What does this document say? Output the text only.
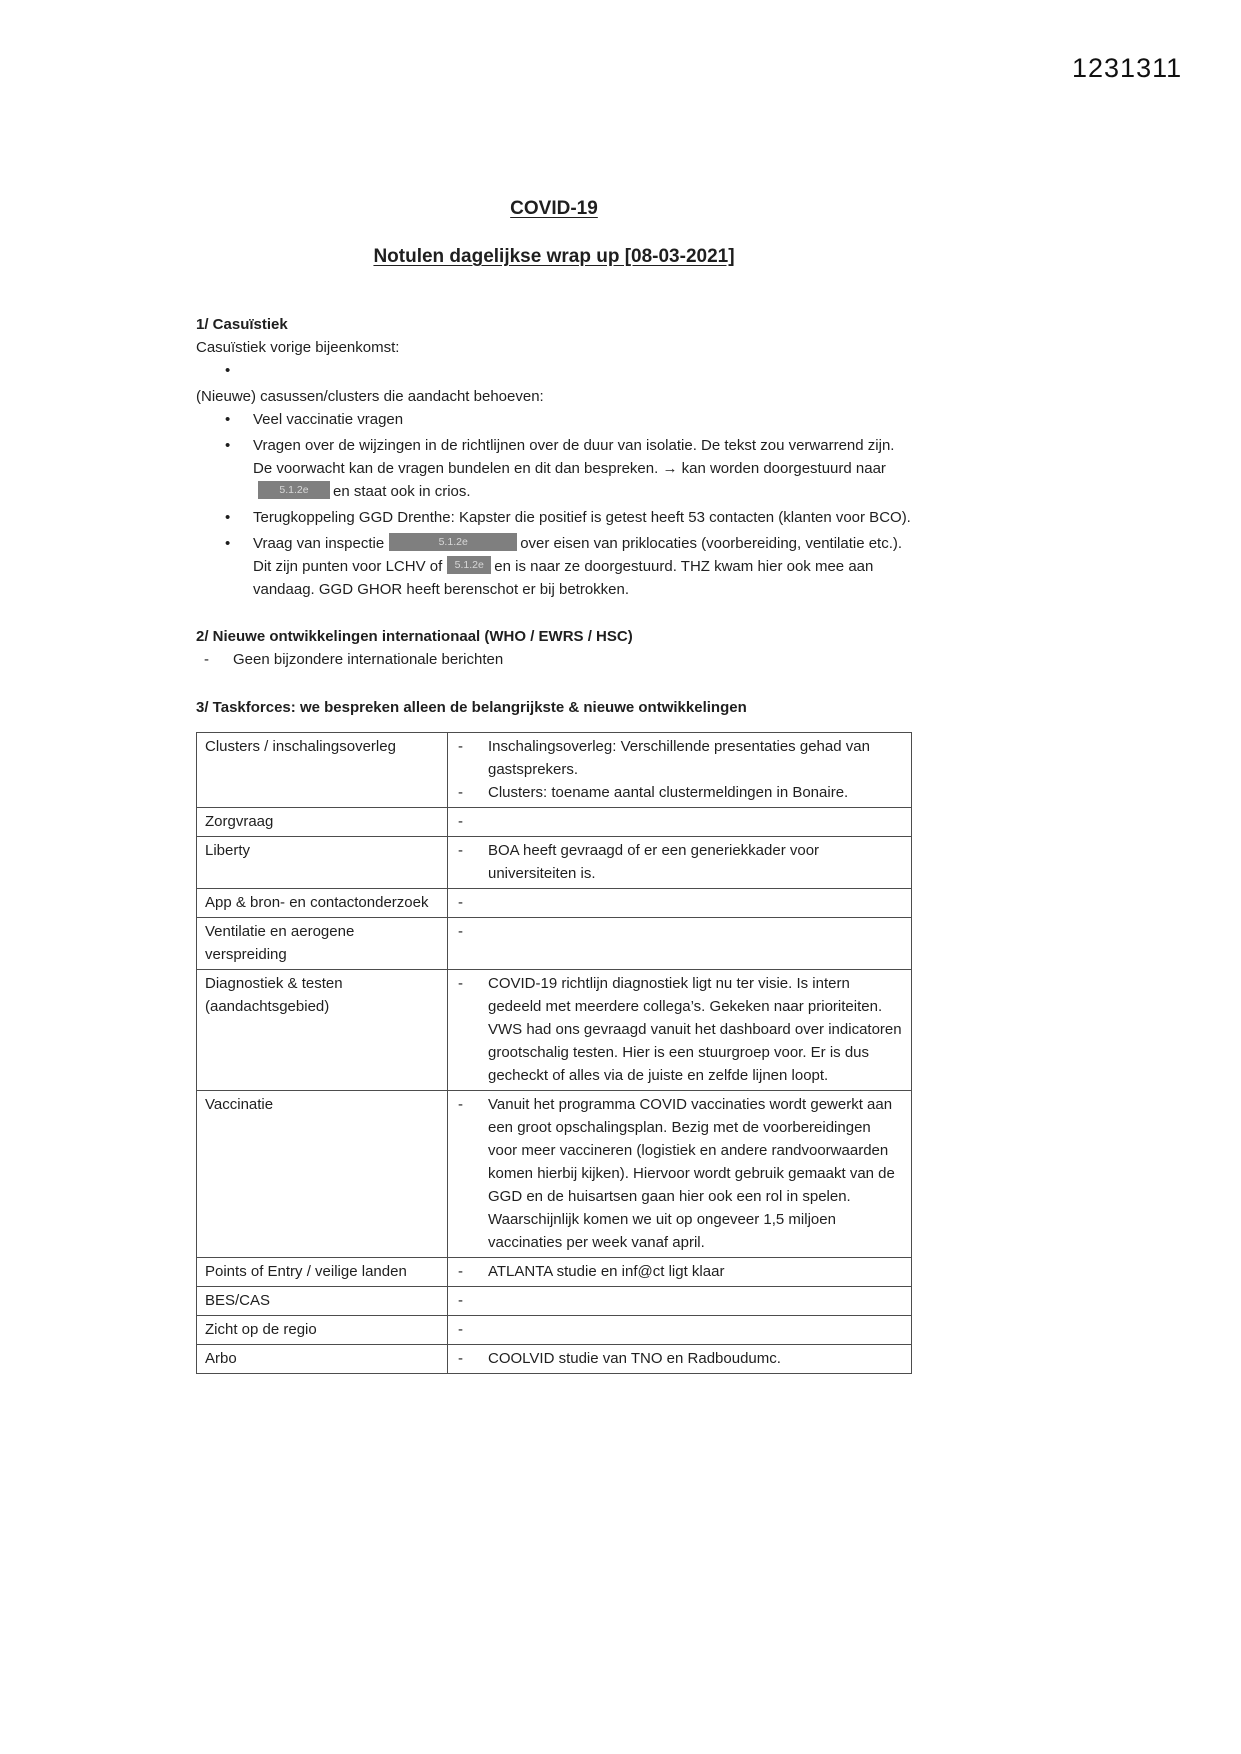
1231311
COVID-19
Notulen dagelijkse wrap up [08-03-2021]
1/ Casuïstiek
Casuïstiek vorige bijeenkomst:
•
(Nieuwe) casussen/clusters die aandacht behoeven:
•	Veel vaccinatie vragen
•	Vragen over de wijzingen in de richtlijnen over de duur van isolatie. De tekst zou verwarrend zijn. De voorwacht kan de vragen bundelen en dit dan bespreken. → kan worden doorgestuurd naar5.1.2e en staat ook in crios.
•	Terugkoppeling GGD Drenthe: Kapster die positief is getest heeft 53 contacten (klanten voor BCO).
•	Vraag van inspectie	5.1.2e	over eisen van priklocaties (voorbereiding, ventilatie etc.). Dit zijn punten voor LCHV of 5.1.2e en is naar ze doorgestuurd. THZ kwam hier ook mee aan vandaag. GGD GHOR heeft berenschot er bij betrokken.
2/ Nieuwe ontwikkelingen internationaal (WHO / EWRS / HSC)
-	Geen bijzondere internationale berichten
3/ Taskforces: we bespreken alleen de belangrijkste & nieuwe ontwikkelingen
Clusters / inschalingsoverleg	- Inschalingsoverleg: Verschillende presentaties gehad van gastsprekers.
- Clusters: toename aantal clustermeldingen in Bonaire.

Zorgvraag	-

Liberty	- BOA heeft gevraagd of er een generiekkader voor universiteiten is.

App & bron- en contactonderzoek	-

Ventilatie en aerogene verspreiding	-

Diagnostiek & testen (aandachtsgebied)	- COVID-19 richtlijn diagnostiek ligt nu ter visie. Is intern gedeeld met meerdere collega’s. Gekeken naar prioriteiten. VWS had ons gevraagd vanuit het dashboard over indicatoren grootschalig testen. Hier is een stuurgroep voor. Er is dus gecheckt of alles via de juiste en zelfde lijnen loopt.

Vaccinatie	- Vanuit het programma COVID vaccinaties wordt gewerkt aan een groot opschalingsplan. Bezig met de voorbereidingen voor meer vaccineren (logistiek en andere randvoorwaarden komen hierbij kijken). Hiervoor wordt gebruik gemaakt van de GGD en de huisartsen gaan hier ook een rol in spelen. Waarschijnlijk komen we uit op ongeveer 1,5 miljoen vaccinaties per week vanaf april.

Points of Entry / veilige landen	- ATLANTA studie en inf@ct ligt klaar

BES/CAS	-

Zicht op de regio	-

Arbo	- COOLVID studie van TNO en Radboudumc.
